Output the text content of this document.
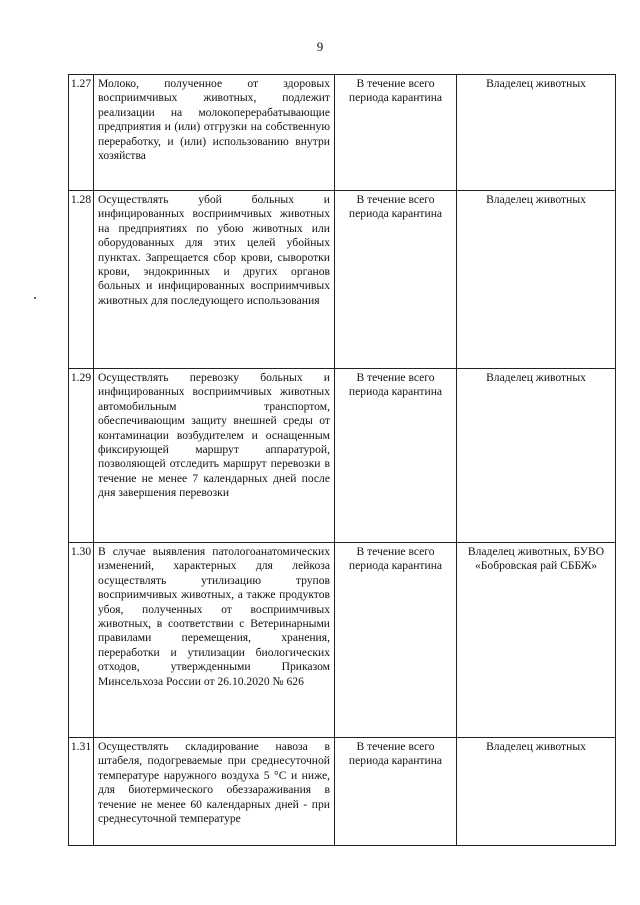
9
1.27	Молоко, полученное от здоровых восприимчивых животных, подлежит реализации на молокоперерабатывающие предприятия и (или) отгрузки на собственную переработку, и (или) использованию внутри хозяйства	В течение всего периода карантина	Владелец животных
1.28	Осуществлять убой больных и инфицированных восприимчивых животных на предприятиях по убою животных или оборудованных для этих целей убойных пунктах. Запрещается сбор крови, сыворотки крови, эндокринных и других органов больных и инфицированных восприимчивых животных для последующего использования	В течение всего периода карантина	Владелец животных
1.29	Осуществлять перевозку больных и инфицированных восприимчивых животных автомобильным транспортом, обеспечивающим защиту внешней среды от контаминации возбудителем и оснащенным фиксирующей маршрут аппаратурой, позволяющей отследить маршрут перевозки в течение не менее 7 календарных дней после дня завершения перевозки	В течение всего периода карантина	Владелец животных
1.30	В случае выявления патологоанатомических изменений, характерных для лейкоза осуществлять утилизацию трупов восприимчивых животных, а также продуктов убоя, полученных от восприимчивых животных, в соответствии с Ветеринарными правилами перемещения, хранения, переработки и утилизации биологических отходов, утвержденными Приказом Минсельхоза России от 26.10.2020 № 626	В течение всего периода карантина	Владелец животных, БУВО «Бобровская рай СББЖ»
1.31	Осуществлять складирование навоза в штабеля, подогреваемые при среднесуточной температуре наружного воздуха 5 °С и ниже, для биотермического обеззараживания в течение не менее 60 календарных дней - при среднесуточной температуре	В течение всего периода карантина	Владелец животных
